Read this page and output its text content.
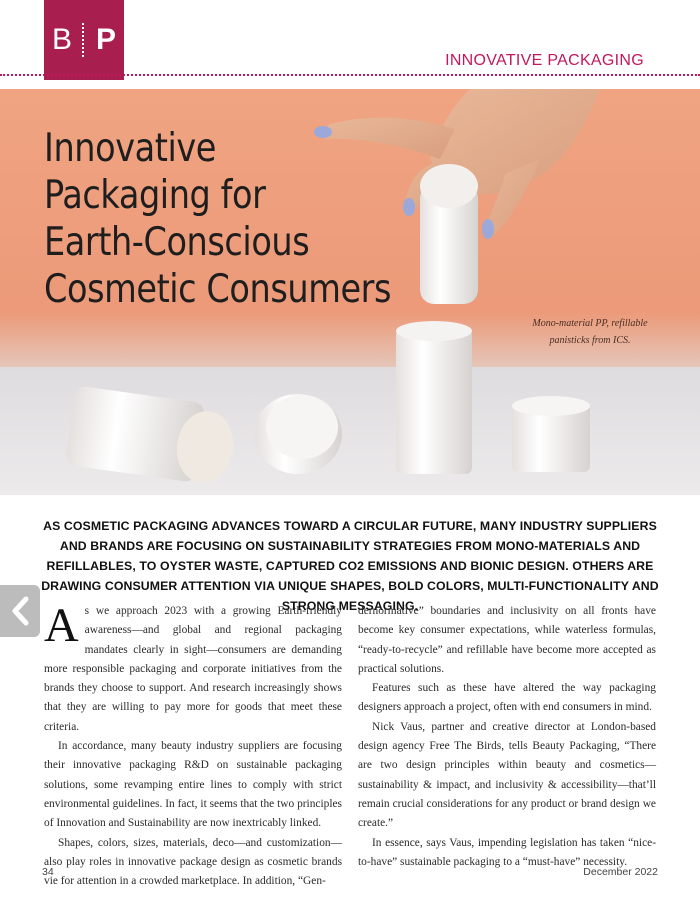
B P
INNOVATIVE PACKAGING
Innovative
Packaging for
Earth-Conscious
Cosmetic Consumers
Mono-material PP, refillable panisticks from ICS.

AS COSMETIC PACKAGING ADVANCES TOWARD A CIRCULAR FUTURE, MANY INDUSTRY SUPPLIERS AND BRANDS ARE FOCUSING ON SUSTAINABILITY STRATEGIES FROM MONO-MATERIALS AND REFILLABLES, TO OYSTER WASTE, CAPTURED CO2 EMISSIONS AND BIONIC DESIGN. OTHERS ARE DRAWING CONSUMER ATTENTION VIA UNIQUE SHAPES, BOLD COLORS, MULTI-FUNCTIONALITY AND STRONG MESSAGING.

As we approach 2023 with a growing Earth-friendly awareness—and global and regional packaging mandates clearly in sight—consumers are demanding more responsible packaging and corporate initiatives from the brands they choose to support. And research increasingly shows that they are willing to pay more for goods that meet these criteria.

In accordance, many beauty industry suppliers are focusing their innovative packaging R&D on sustainable packaging solutions, some revamping entire lines to comply with strict environmental guidelines. In fact, it seems that the two principles of Innovation and Sustainability are now inextricably linked.

Shapes, colors, sizes, materials, deco—and customization—also play roles in innovative package design as cosmetic brands vie for attention in a crowded marketplace. In addition, “Gen-

dernormative” boundaries and inclusivity on all fronts have become key consumer expectations, while waterless formulas, “ready-to-recycle” and refillable have become more accepted as practical solutions.

Features such as these have altered the way packaging designers approach a project, often with end consumers in mind.

Nick Vaus, partner and creative director at London-based design agency Free The Birds, tells Beauty Packaging, “There are two design principles within beauty and cosmetics—sustainability & impact, and inclusivity & accessibility—that’ll remain crucial considerations for any product or brand design we create.”

In essence, says Vaus, impending legislation has taken “nice-to-have” sustainable packaging to a “must-have” necessity.

34	December 2022
